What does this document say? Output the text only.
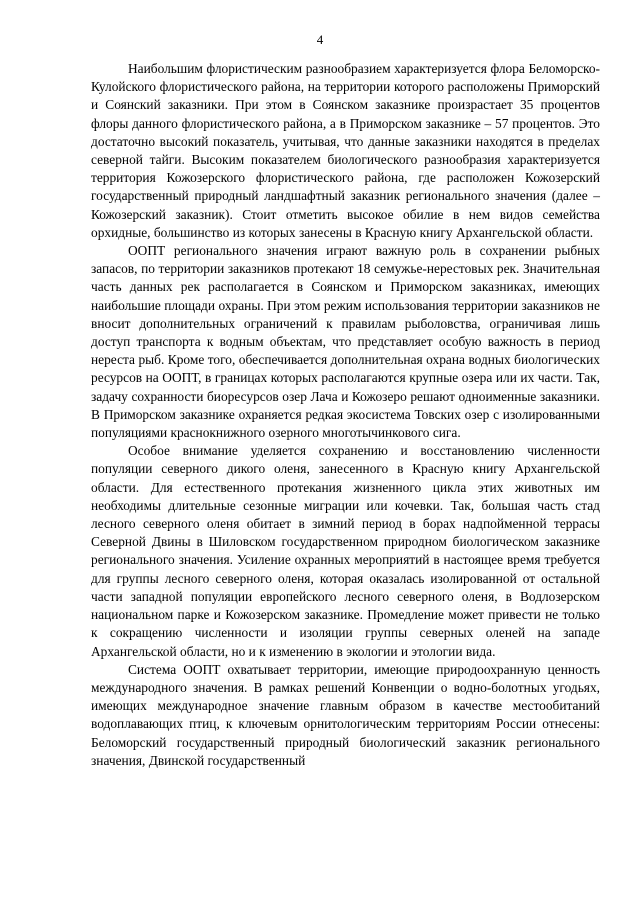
4

Наибольшим флористическим разнообразием характеризуется флора Беломорско-Кулойского флористического района, на территории которого расположены Приморский и Соянский заказники. При этом в Соянском заказнике произрастает 35 процентов флоры данного флористического района, а в Приморском заказнике – 57 процентов. Это достаточно высокий показатель, учитывая, что данные заказники находятся в пределах северной тайги. Высоким показателем биологического разнообразия характеризуется территория Кожозерского флористического района, где расположен Кожозерский государственный природный ландшафтный заказник регионального значения (далее – Кожозерский заказник). Стоит отметить высокое обилие в нем видов семейства орхидные, большинство из которых занесены в Красную книгу Архангельской области.

ООПТ регионального значения играют важную роль в сохранении рыбных запасов, по территории заказников протекают 18 семужье-нерестовых рек. Значительная часть данных рек располагается в Соянском и Приморском заказниках, имеющих наибольшие площади охраны. При этом режим использования территории заказников не вносит дополнительных ограничений к правилам рыболовства, ограничивая лишь доступ транспорта к водным объектам, что представляет особую важность в период нереста рыб. Кроме того, обеспечивается дополнительная охрана водных биологических ресурсов на ООПТ, в границах которых располагаются крупные озера или их части. Так, задачу сохранности биоресурсов озер Лача и Кожозеро решают одноименные заказники. В Приморском заказнике охраняется редкая экосистема Товских озер с изолированными популяциями краснокнижного озерного многотычинкового сига.

Особое внимание уделяется сохранению и восстановлению численности популяции северного дикого оленя, занесенного в Красную книгу Архангельской области. Для естественного протекания жизненного цикла этих животных им необходимы длительные сезонные миграции или кочевки. Так, большая часть стад лесного северного оленя обитает в зимний период в борах надпойменной террасы Северной Двины в Шиловском государственном природном биологическом заказнике регионального значения. Усиление охранных мероприятий в настоящее время требуется для группы лесного северного оленя, которая оказалась изолированной от остальной части западной популяции европейского лесного северного оленя, в Водлозерском национальном парке и Кожозерском заказнике. Промедление может привести не только к сокращению численности и изоляции группы северных оленей на западе Архангельской области, но и к изменению в экологии и этологии вида.

Система ООПТ охватывает территории, имеющие природоохранную ценность международного значения. В рамках решений Конвенции о водно-болотных угодьях, имеющих международное значение главным образом в качестве местообитаний водоплавающих птиц, к ключевым орнитологическим территориям России отнесены: Беломорский государственный природный биологический заказник регионального значения, Двинской государственный
